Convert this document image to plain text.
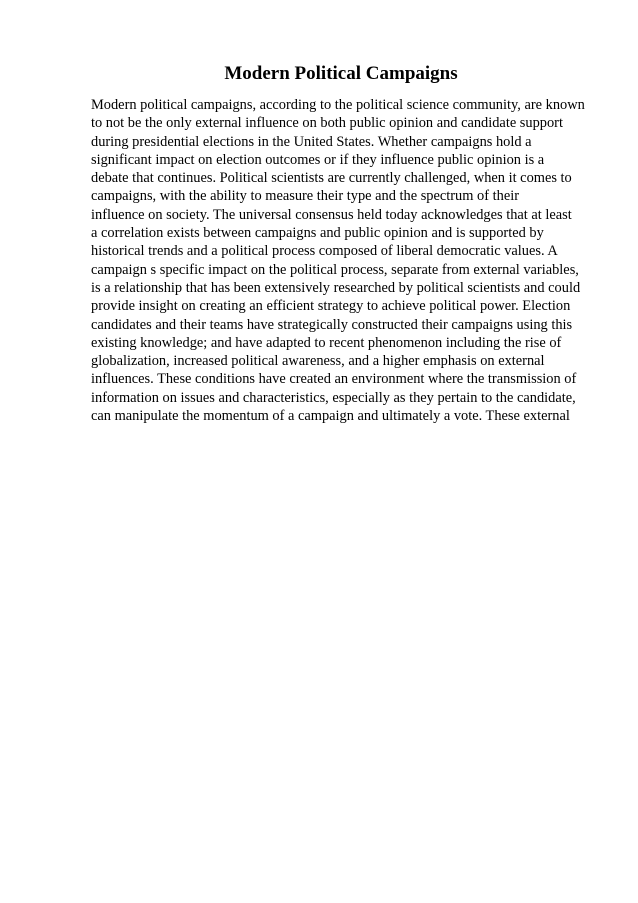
Modern Political Campaigns
Modern political campaigns, according to the political science community, are known
to not be the only external influence on both public opinion and candidate support
during presidential elections in the United States. Whether campaigns hold a
significant impact on election outcomes or if they influence public opinion is a
debate that continues. Political scientists are currently challenged, when it comes to
campaigns, with the ability to measure their type and the spectrum of their
influence on society. The universal consensus held today acknowledges that at least
a correlation exists between campaigns and public opinion and is supported by
historical trends and a political process composed of liberal democratic values. A
campaign s specific impact on the political process, separate from external variables,
is a relationship that has been extensively researched by political scientists and could
provide insight on creating an efficient strategy to achieve political power. Election
candidates and their teams have strategically constructed their campaigns using this
existing knowledge; and have adapted to recent phenomenon including the rise of
globalization, increased political awareness, and a higher emphasis on external
influences. These conditions have created an environment where the transmission of
information on issues and characteristics, especially as they pertain to the candidate,
can manipulate the momentum of a campaign and ultimately a vote. These external
